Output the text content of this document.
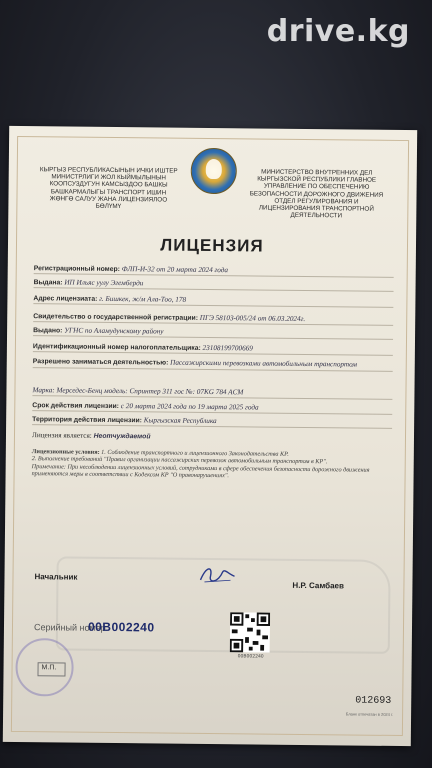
drive.kg
КЫРГЫЗ РЕСПУБЛИКАСЫНЫН ИЧКИ ИШТЕР МИНИСТРЛИГИ ЖОЛ КЫЙМЫЛЫНЫН КООПСУЗДУГУН КАМСЫЗДОО БАШКЫ БАШКАРМАЛЫГЫ ТРАНСПОРТ ИШИН ЖӨНГӨ САЛУУ ЖАНА ЛИЦЕНЗИЯЛОО БӨЛҮМҮ
МИНИСТЕРСТВО ВНУТРЕННИХ ДЕЛ КЫРГЫЗСКОЙ РЕСПУБЛИКИ ГЛАВНОЕ УПРАВЛЕНИЕ ПО ОБЕСПЕЧЕНИЮ БЕЗОПАСНОСТИ ДОРОЖНОГО ДВИЖЕНИЯ ОТДЕЛ РЕГУЛИРОВАНИЯ И ЛИЦЕНЗИРОВАНИЯ ТРАНСПОРТНОЙ ДЕЯТЕЛЬНОСТИ
ЛИЦЕНЗИЯ
Регистрационный номер: ФЛП-И-32 от 20 марта 2024 года
Выдана: ИП Ильяс уулу Эгемберди
Адрес лицензиата: г. Бишкек, ж/м Ала-Тоо, 178
Свидетельство о государственной регистрации: ПГЭ 58103-005/24 от 06.03.2024г.
Выдано: УГНС по Аламудунскому району
Идентификационный номер налогоплательщика: 23108199700669
Разрешено заниматься деятельностью: Пассажирскими перевозками автомобильным транспортом
Марка: Мерседес-Бенц модель: Спринтер 311 гос №: 07KG 784 ACM
Срок действия лицензии: с 20 марта 2024 года по 19 марта 2025 года
Территория действия лицензии: Кыргызская Республика
Лицензия является: Неотчуждаемой
Лицензионные условия: 1. Соблюдение транспортного и лицензионного Законодательства КР.
2. Выполнение требований "Правил организации пассажирских перевозок автомобильным транспортом в КР".
Примечание: При несоблюдении лицензионных условий, сотрудниками в сфере обеспечения безопасности дорожного движения применяются меры в соответствии с Кодексом КР "О правонарушениях".
Начальник
Н.Р. Самбаев
Серийный номер:
00В002240
00В002240
М.П.
012693
Бланк отпечатан в 2024 г.
